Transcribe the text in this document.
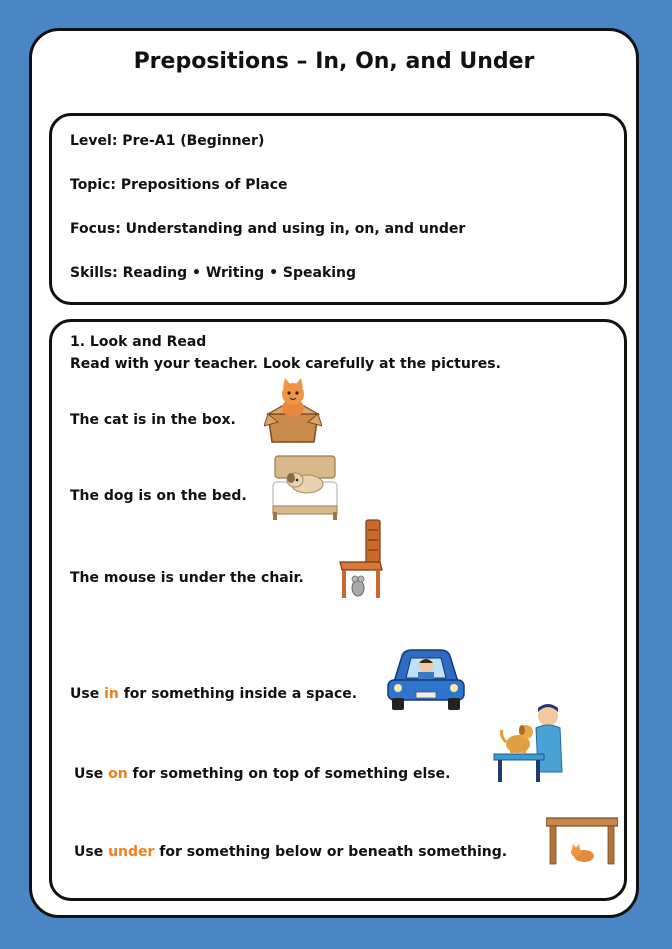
Prepositions – In, On, and Under
Level: Pre-A1 (Beginner)
Topic: Prepositions of Place
Focus: Understanding and using in, on, and under
Skills: Reading • Writing • Speaking
1. Look and Read
Read with your teacher. Look carefully at the pictures.
The cat is in the box.
The dog is on the bed.
The mouse is under the chair.
Use in for something inside a space.
Use on for something on top of something else.
Use under for something below or beneath something.
